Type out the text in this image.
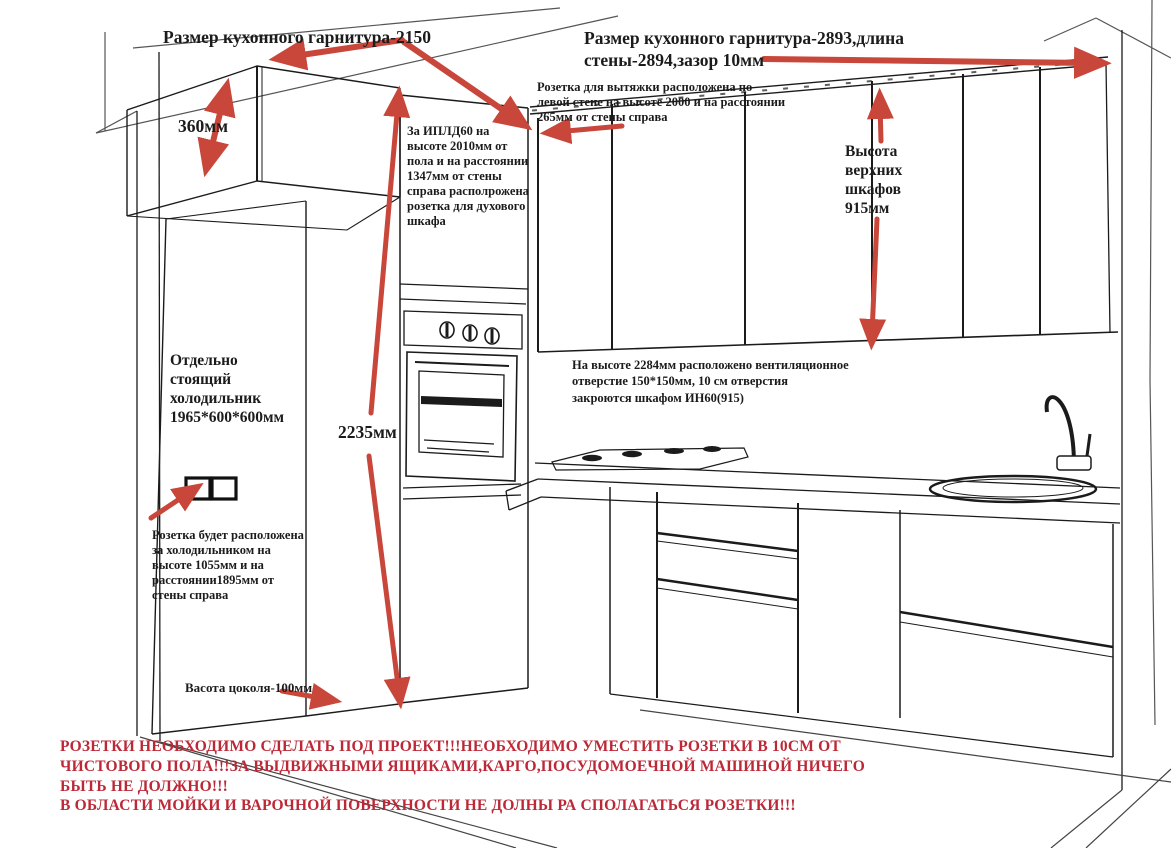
Размер кухонного гарнитура-2150	Размер кухонного гарнитура-2893,длина
стены-2894,зазор 10мм
Розетка для вытяжки расположена по
левой стене на высоте 2000 и на расстоянии
265мм от стены справа
За ИПЛД60 на
высоте 2010мм от
пола и на расстоянии
1347мм от стены
справа располрожена
розетка для духового
шкафа
Высота
верхних
шкафов
915мм
360мм
Отдельно
стоящий
холодильник
1965*600*600мм
2235мм
На высоте 2284мм расположено вентиляционное
отверстие 150*150мм, 10 см отверстия
закроются шкафом ИН60(915)
Розетка будет расположена
за холодильником на
высоте 1055мм и на
расстоянии1895мм от
стены справа
Васота цоколя-100мм
РОЗЕТКИ НЕОБХОДИМО СДЕЛАТЬ ПОД ПРОЕКТ!!!НЕОБХОДИМО УМЕСТИТЬ РОЗЕТКИ В 10СМ ОТ
ЧИСТОВОГО ПОЛА!!!ЗА ВЫДВИЖНЫМИ ЯЩИКАМИ,КАРГО,ПОСУДОМОЕЧНОЙ МАШИНОЙ НИЧЕГО
БЫТЬ НЕ ДОЛЖНО!!!
В ОБЛАСТИ МОЙКИ И ВАРОЧНОЙ ПОВЕРХНОСТИ НЕ ДОЛНЫ РА СПОЛАГАТЬСЯ РОЗЕТКИ!!!
